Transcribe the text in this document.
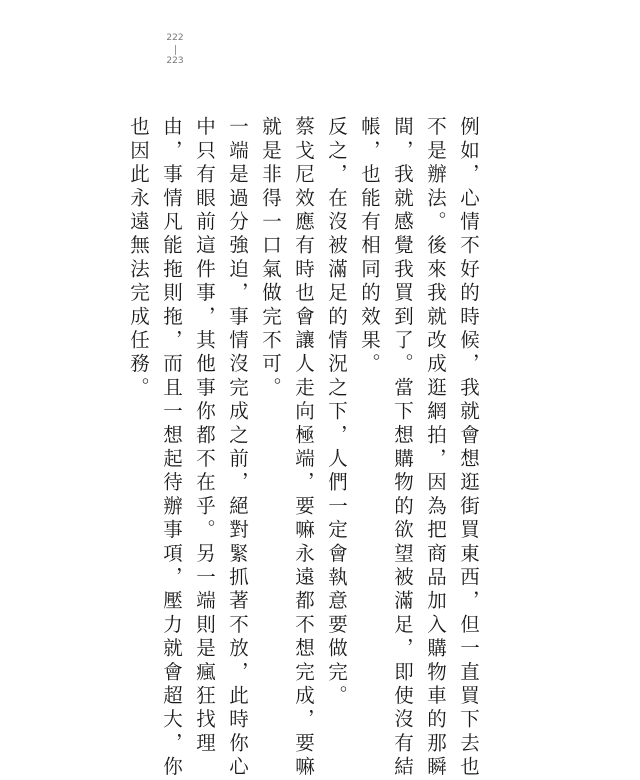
222
223
例如，心情不好的時候，我就會想逛街買東西，但一直買下去也
不是辦法。後來我就改成逛網拍，因為把商品加入購物車的那瞬
間，我就感覺我買到了。當下想購物的欲望被滿足，即使沒有結
帳，也能有相同的效果。
反之，在沒被滿足的情況之下，人們一定會執意要做完。
蔡戈尼效應有時也會讓人走向極端，要嘛永遠都不想完成，要嘛
就是非得一口氣做完不可。
一端是過分強迫，事情沒完成之前，絕對緊抓著不放，此時你心
中只有眼前這件事，其他事你都不在乎。另一端則是瘋狂找理
由，事情凡能拖則拖，而且一想起待辦事項，壓力就會超大，你
也因此永遠無法完成任務。
